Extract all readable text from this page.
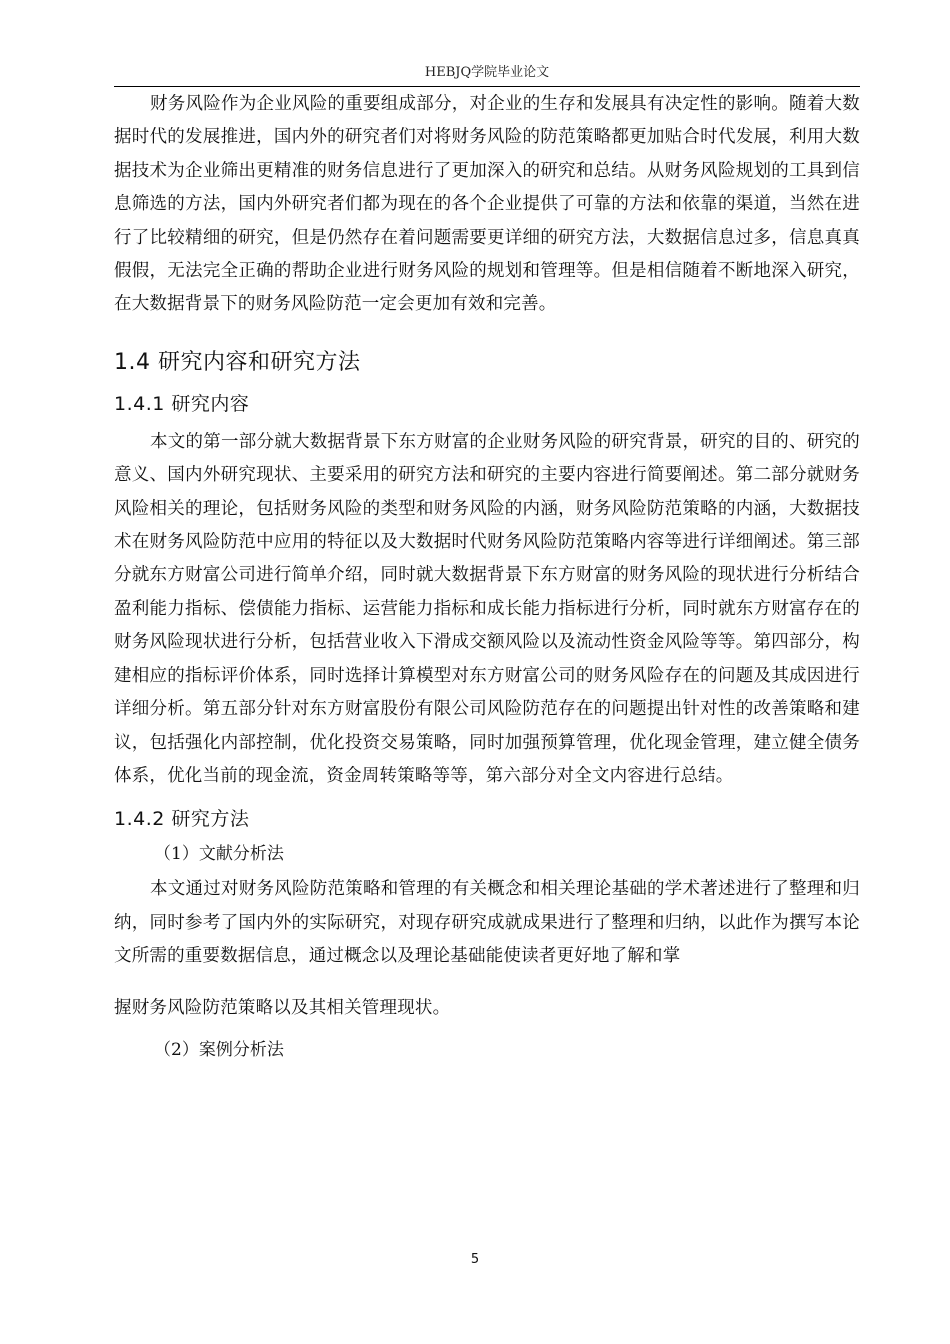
HEBJQ学院毕业论文

财务风险作为企业风险的重要组成部分，对企业的生存和发展具有决定性的影响。随着大数据时代的发展推进，国内外的研究者们对将财务风险的防范策略都更加贴合时代发展，利用大数据技术为企业筛出更精准的财务信息进行了更加深入的研究和总结。从财务风险规划的工具到信息筛选的方法，国内外研究者们都为现在的各个企业提供了可靠的方法和依靠的渠道，当然在进行了比较精细的研究，但是仍然存在着问题需要更详细的研究方法，大数据信息过多，信息真真假假，无法完全正确的帮助企业进行财务风险的规划和管理等。但是相信随着不断地深入研究，在大数据背景下的财务风险防范一定会更加有效和完善。

1.4 研究内容和研究方法
1.4.1 研究内容

本文的第一部分就大数据背景下东方财富的企业财务风险的研究背景，研究的目的、研究的意义、国内外研究现状、主要采用的研究方法和研究的主要内容进行简要阐述。第二部分就财务风险相关的理论，包括财务风险的类型和财务风险的内涵，财务风险防范策略的内涵，大数据技术在财务风险防范中应用的特征以及大数据时代财务风险防范策略内容等进行详细阐述。第三部分就东方财富公司进行简单介绍，同时就大数据背景下东方财富的财务风险的现状进行分析结合盈利能力指标、偿债能力指标、运营能力指标和成长能力指标进行分析，同时就东方财富存在的财务风险现状进行分析，包括营业收入下滑成交额风险以及流动性资金风险等等。第四部分，构建相应的指标评价体系，同时选择计算模型对东方财富公司的财务风险存在的问题及其成因进行详细分析。第五部分针对东方财富股份有限公司风险防范存在的问题提出针对性的改善策略和建议，包括强化内部控制，优化投资交易策略，同时加强预算管理，优化现金管理，建立健全债务体系，优化当前的现金流，资金周转策略等等，第六部分对全文内容进行总结。

1.4.2 研究方法
（1）文献分析法

本文通过对财务风险防范策略和管理的有关概念和相关理论基础的学术著述进行了整理和归纳，同时参考了国内外的实际研究，对现存研究成就成果进行了整理和归纳，以此作为撰写本论文所需的重要数据信息，通过概念以及理论基础能使读者更好地了解和掌

握财务风险防范策略以及其相关管理现状。

（2）案例分析法
5
